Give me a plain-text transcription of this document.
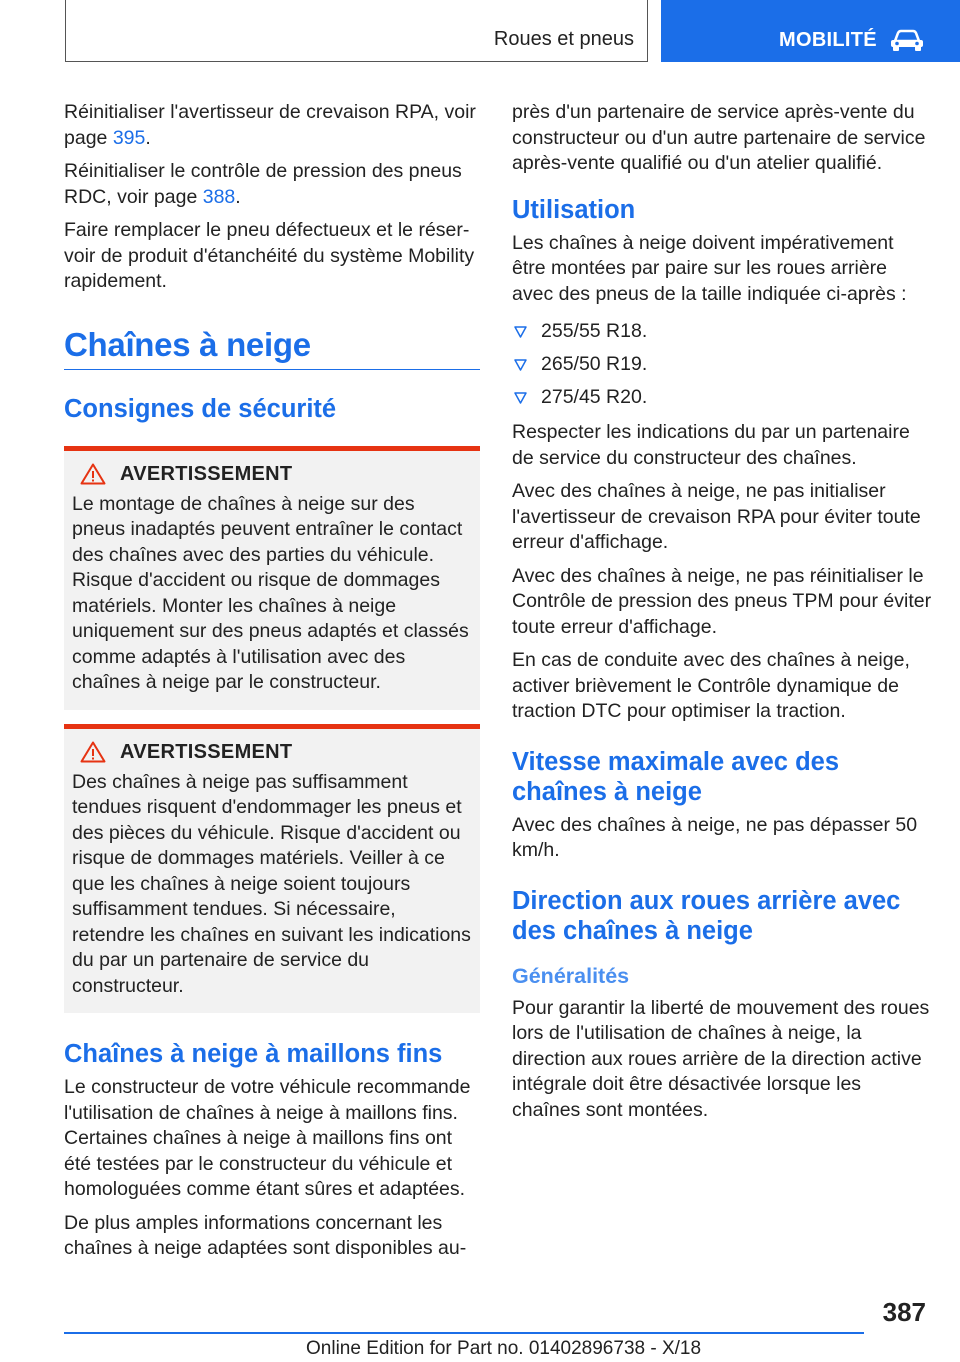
Roues et pneus	MOBILITÉ

Réinitialiser l'avertisseur de crevaison RPA, voir page 395.

Réinitialiser le contrôle de pression des pneus RDC, voir page 388.

Faire remplacer le pneu défectueux et le réservoir de produit d'étanchéité du système Mobility rapidement.

Chaînes à neige
Consignes de sécurité
AVERTISSEMENT

Le montage de chaînes à neige sur des pneus inadaptés peuvent entraîner le contact des chaînes avec des parties du véhicule. Risque d'accident ou risque de dommages matériels. Monter les chaînes à neige uniquement sur des pneus adaptés et classés comme adaptés à l'utilisation avec des chaînes à neige par le constructeur.

AVERTISSEMENT

Des chaînes à neige pas suffisamment tendues risquent d'endommager les pneus et des pièces du véhicule. Risque d'accident ou risque de dommages matériels. Veiller à ce que les chaînes à neige soient toujours suffisamment tendues. Si nécessaire, retendre les chaînes en suivant les indications du par un partenaire de service du constructeur.

Chaînes à neige à maillons fins

Le constructeur de votre véhicule recommande l'utilisation de chaînes à neige à maillons fins. Certaines chaînes à neige à maillons fins ont été testées par le constructeur du véhicule et homologuées comme étant sûres et adaptées.

De plus amples informations concernant les chaînes à neige adaptées sont disponibles au-

près d'un partenaire de service après-vente du constructeur ou d'un autre partenaire de service après-vente qualifié ou d'un atelier qualifié.

Utilisation

Les chaînes à neige doivent impérativement être montées par paire sur les roues arrière avec des pneus de la taille indiquée ci-après :

255/55 R18.
265/50 R19.
275/45 R20.

Respecter les indications du par un partenaire de service du constructeur des chaînes.

Avec des chaînes à neige, ne pas initialiser l'avertisseur de crevaison RPA pour éviter toute erreur d'affichage.

Avec des chaînes à neige, ne pas réinitialiser le Contrôle de pression des pneus TPM pour éviter toute erreur d'affichage.

En cas de conduite avec des chaînes à neige, activer brièvement le Contrôle dynamique de traction DTC pour optimiser la traction.

Vitesse maximale avec des chaînes à neige

Avec des chaînes à neige, ne pas dépasser 50 km/h.

Direction aux roues arrière avec des chaînes à neige
Généralités

Pour garantir la liberté de mouvement des roues lors de l'utilisation de chaînes à neige, la direction aux roues arrière de la direction active intégrale doit être désactivée lorsque les chaînes sont montées.

387
Online Edition for Part no. 01402896738 - X/18
